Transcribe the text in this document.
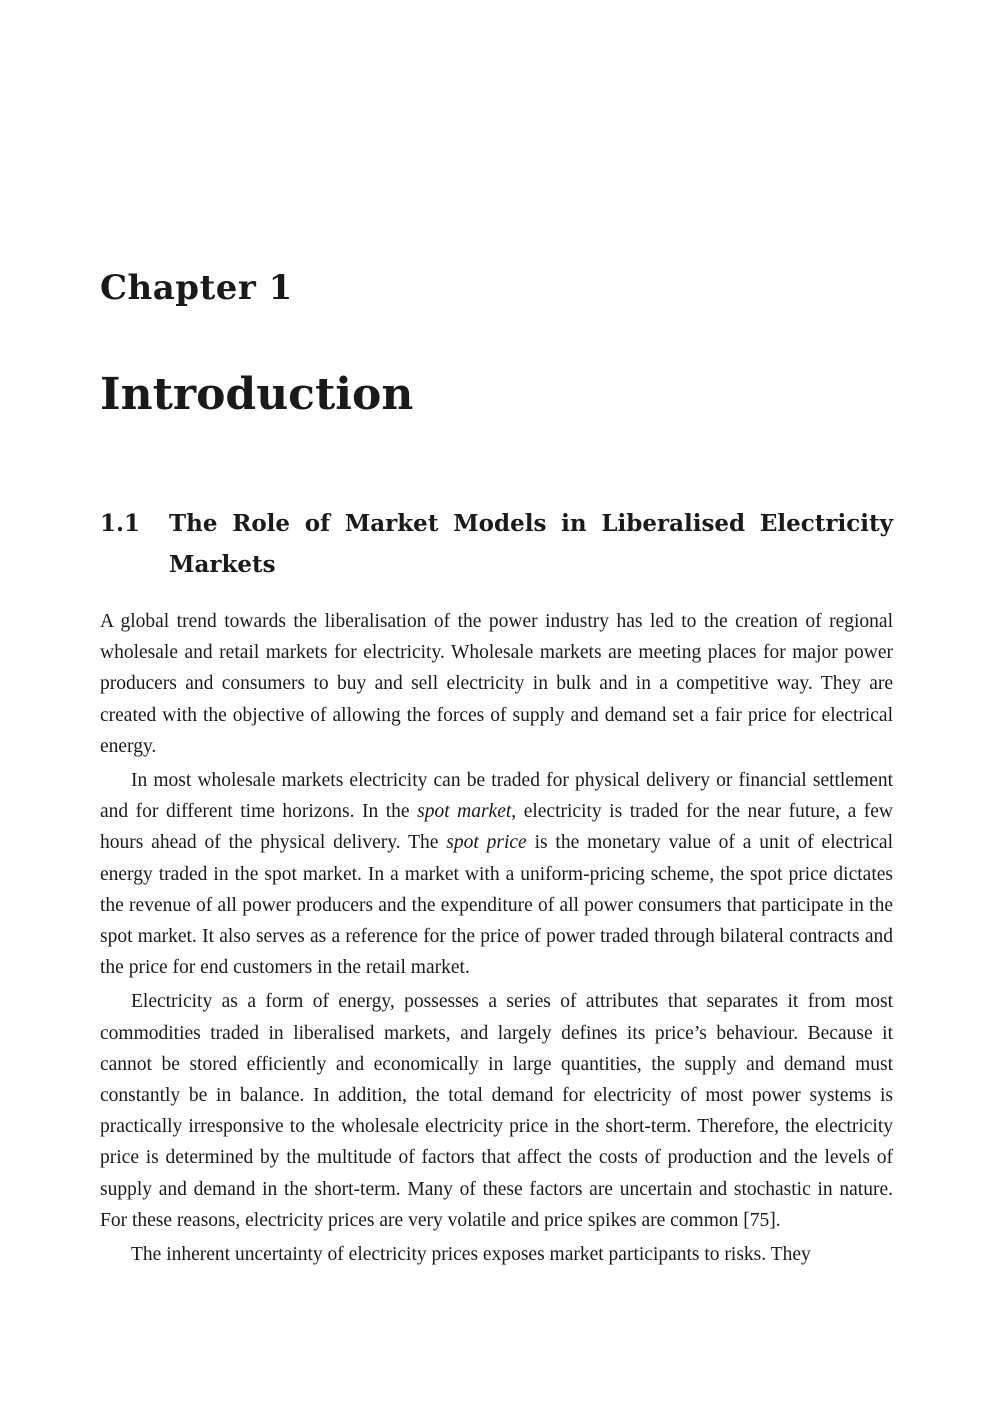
Chapter 1
Introduction
1.1	The Role of Market Models in Liberalised Electricity Markets

A global trend towards the liberalisation of the power industry has led to the creation of regional wholesale and retail markets for electricity. Wholesale markets are meeting places for major power producers and consumers to buy and sell electricity in bulk and in a competitive way. They are created with the objective of allowing the forces of supply and demand set a fair price for electrical energy.

In most wholesale markets electricity can be traded for physical delivery or financial settlement and for different time horizons. In the spot market, electricity is traded for the near future, a few hours ahead of the physical delivery. The spot price is the monetary value of a unit of electrical energy traded in the spot market. In a market with a uniform-pricing scheme, the spot price dictates the revenue of all power producers and the expenditure of all power consumers that participate in the spot market. It also serves as a reference for the price of power traded through bilateral contracts and the price for end customers in the retail market.

Electricity as a form of energy, possesses a series of attributes that separates it from most commodities traded in liberalised markets, and largely defines its price’s behaviour. Because it cannot be stored efficiently and economically in large quantities, the supply and demand must constantly be in balance. In addition, the total demand for electricity of most power systems is practically irresponsive to the wholesale electricity price in the short-term. Therefore, the electricity price is determined by the multitude of factors that affect the costs of production and the levels of supply and demand in the short-term. Many of these factors are uncertain and stochastic in nature. For these reasons, electricity prices are very volatile and price spikes are common [75].

The inherent uncertainty of electricity prices exposes market participants to risks. They
